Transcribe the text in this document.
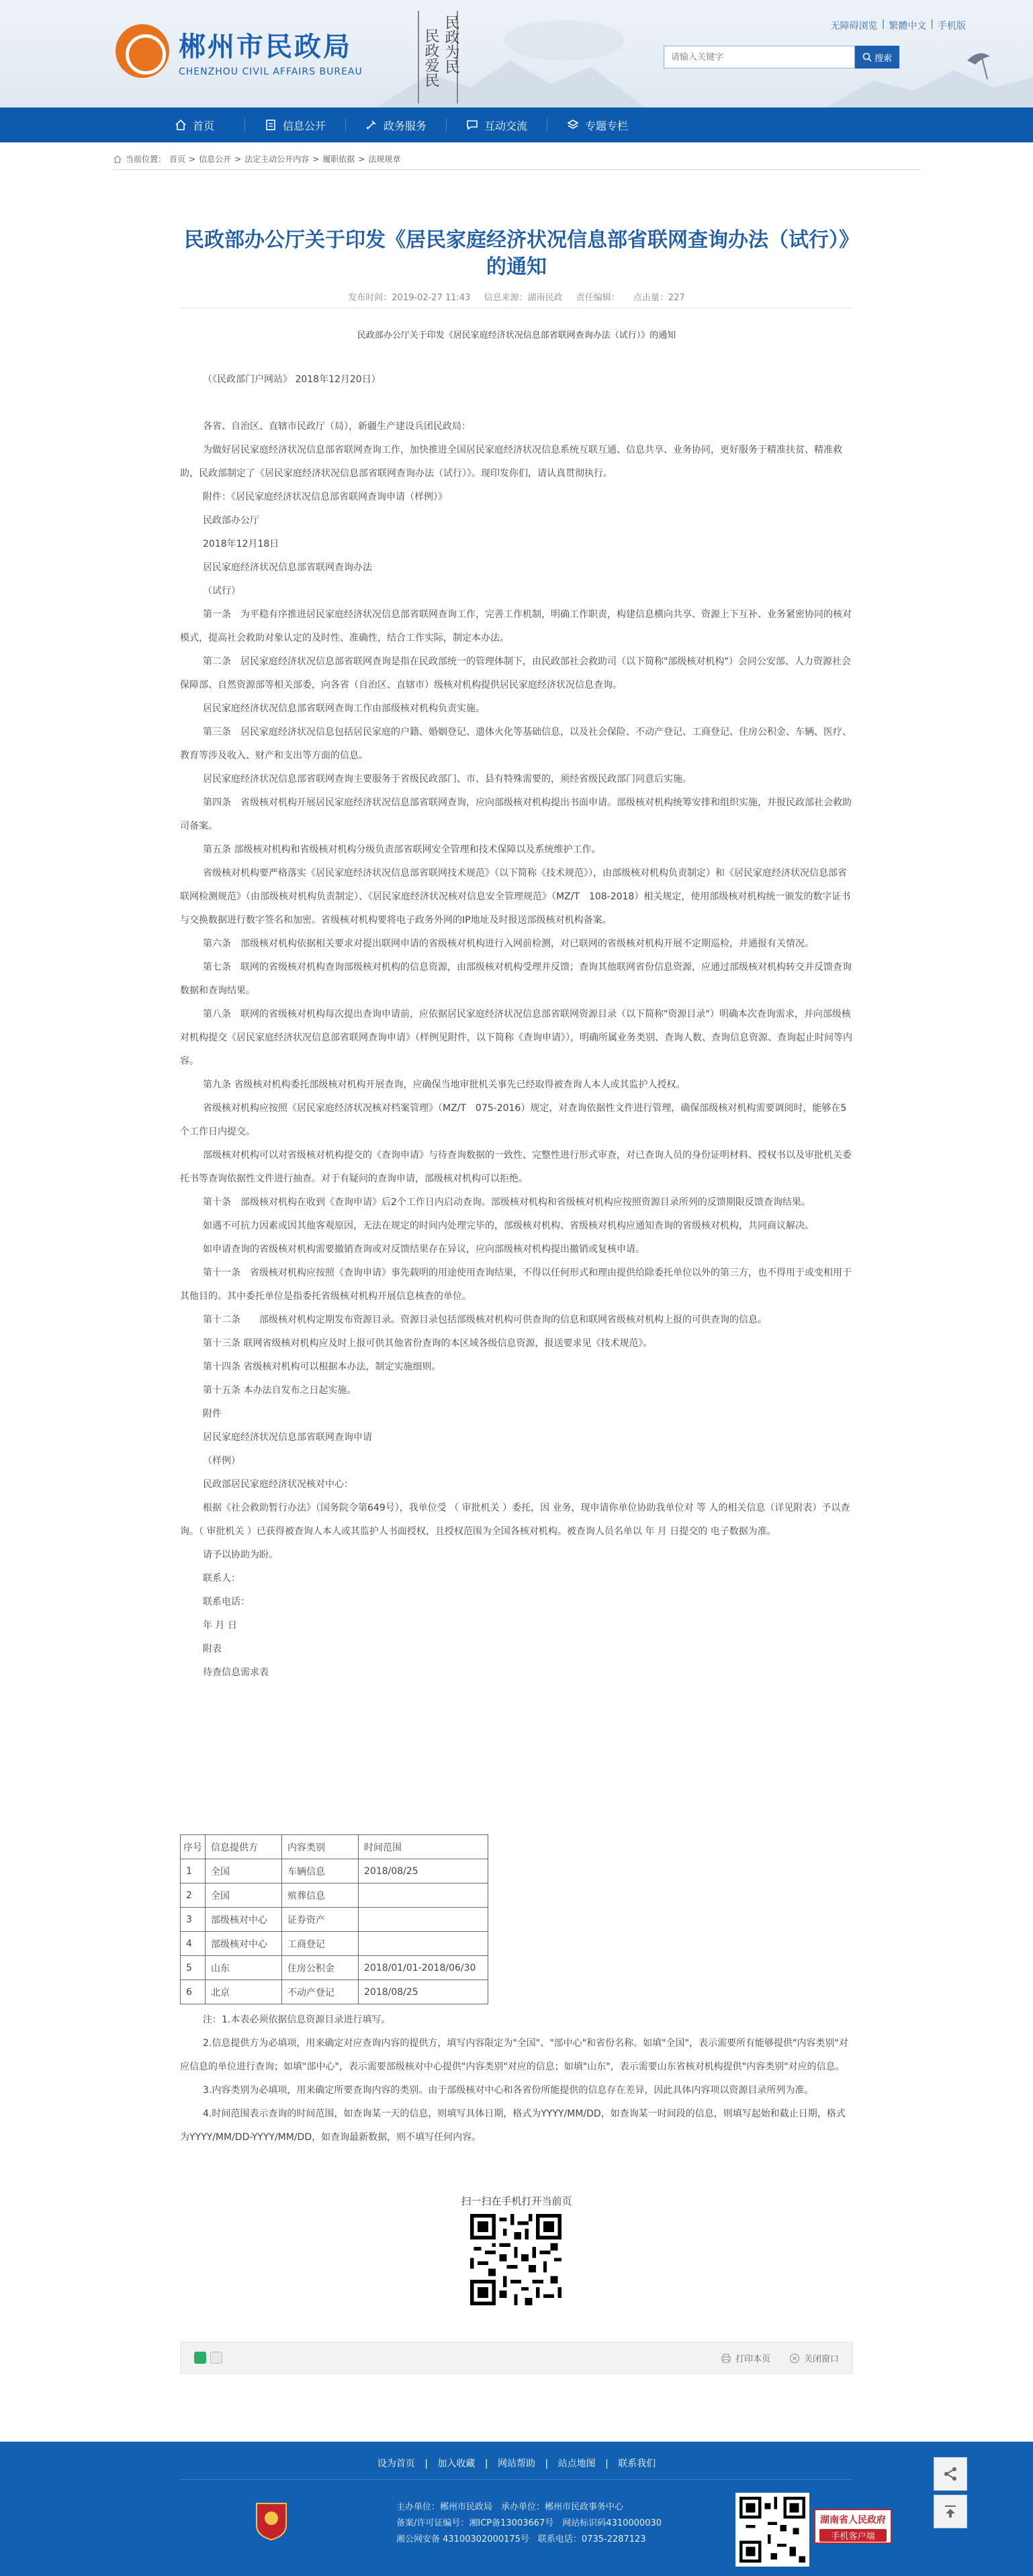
郴州市民政局
CHENZHOU CIVIL AFFAIRS BUREAU	民政爱民 民政为民	无障碍浏览 | 繁體中文 | 手机版
请输入关键字
搜索
首页	信息公开	政务服务	互动交流	专题专栏
当前位置： 首页 > 信息公开 > 法定主动公开内容 > 履职依据 > 法规规章
民政部办公厅关于印发《居民家庭经济状况信息部省联网查询办法（试行）》的通知
发布时间：2019-02-27 11:43 信息来源：湖南民政 责任编辑： 点击量：227
民政部办公厅关于印发《居民家庭经济状况信息部省联网查询办法（试行）》的通知
（《民政部门户网站》 2018年12月20日）
各省、自治区、直辖市民政厅（局），新疆生产建设兵团民政局：
为做好居民家庭经济状况信息部省联网查询工作，加快推进全国居民家庭经济状况信息系统互联互通、信息共享、业务协同，更好服务于精准扶贫、精准救助，民政部制定了《居民家庭经济状况信息部省联网查询办法（试行）》。现印发你们，请认真贯彻执行。
附件：《居民家庭经济状况信息部省联网查询申请（样例）》
民政部办公厅
2018年12月18日
居民家庭经济状况信息部省联网查询办法
（试行）
第一条　为平稳有序推进居民家庭经济状况信息部省联网查询工作，完善工作机制，明确工作职责，构建信息横向共享、资源上下互补、业务紧密协同的核对模式，提高社会救助对象认定的及时性、准确性，结合工作实际，制定本办法。
第二条　居民家庭经济状况信息部省联网查询是指在民政部统一的管理体制下，由民政部社会救助司（以下简称"部级核对机构"）会同公安部、人力资源社会保障部、自然资源部等相关部委，向各省（自治区、直辖市）级核对机构提供居民家庭经济状况信息查询。
居民家庭经济状况信息部省联网查询工作由部级核对机构负责实施。
第三条　居民家庭经济状况信息包括居民家庭的户籍、婚姻登记、遗体火化等基础信息，以及社会保险、不动产登记、工商登记、住房公积金、车辆、医疗、教育等涉及收入、财产和支出等方面的信息。
居民家庭经济状况信息部省联网查询主要服务于省级民政部门、市、县有特殊需要的，须经省级民政部门同意后实施。
第四条　省级核对机构开展居民家庭经济状况信息部省联网查询，应向部级核对机构提出书面申请。部级核对机构统筹安排和组织实施，并报民政部社会救助司备案。
第五条 部级核对机构和省级核对机构分级负责部省联网安全管理和技术保障以及系统维护工作。
省级核对机构要严格落实《居民家庭经济状况信息部省联网技术规范》（以下简称《技术规范》），由部级核对机构负责制定）和《居民家庭经济状况信息部省联网检测规范》（由部级核对机构负责制定）、《居民家庭经济状况核对信息安全管理规范》（MZ/T　108-2018）相关规定，使用部级核对机构统一颁发的数字证书与交换数据进行数字签名和加密。省级核对机构要将电子政务外网的IP地址及时报送部级核对机构备案。
第六条　部级核对机构依据相关要求对提出联网申请的省级核对机构进行入网前检测，对已联网的省级核对机构开展不定期巡检，并通报有关情况。
第七条　联网的省级核对机构查询部级核对机构的信息资源，由部级核对机构受理并反馈；查询其他联网省份信息资源，应通过部级核对机构转交并反馈查询数据和查询结果。
第八条　联网的省级核对机构每次提出查询申请前，应依据居民家庭经济状况信息部省联网资源目录（以下简称"资源目录"）明确本次查询需求，并向部级核对机构提交《居民家庭经济状况信息部省联网查询申请》（样例见附件，以下简称《查询申请》），明确所属业务类别、查询人数、查询信息资源、查询起止时间等内容。
第九条 省级核对机构委托部级核对机构开展查询，应确保当地审批机关事先已经取得被查询人本人或其监护人授权。
省级核对机构应按照《居民家庭经济状况核对档案管理》（MZ/T　075-2016）规定，对查询依据性文件进行管理，确保部级核对机构需要调阅时，能够在5个工作日内提交。
部级核对机构可以对省级核对机构提交的《查询申请》与待查询数据的一致性、完整性进行形式审查，对已查询人员的身份证明材料、授权书以及审批机关委托书等查询依据性文件进行抽查。对于有疑问的查询申请，部级核对机构可以拒绝。
第十条　部级核对机构在收到《查询申请》后2个工作日内启动查询。部级核对机构和省级核对机构应按照资源目录所列的反馈期限反馈查询结果。
如遇不可抗力因素或因其他客观原因，无法在规定的时间内处理完毕的，部级核对机构、省级核对机构应通知查询的省级核对机构，共同商议解决。
如申请查询的省级核对机构需要撤销查询或对反馈结果存在异议，应向部级核对机构提出撤销或复核申请。
第十一条　省级核对机构应按照《查询申请》事先载明的用途使用查询结果，不得以任何形式和理由提供给除委托单位以外的第三方，也不得用于或变相用于其他目的。其中委托单位是指委托省级核对机构开展信息核查的单位。
第十二条　　部级核对机构定期发布资源目录。资源目录包括部级核对机构可供查询的信息和联网省级核对机构上报的可供查询的信息。
第十三条 联网省级核对机构应及时上报可供其他省份查询的本区域各级信息资源，报送要求见《技术规范》。
第十四条 省级核对机构可以根据本办法，制定实施细则。
第十五条 本办法自发布之日起实施。
附件
居民家庭经济状况信息部省联网查询申请
（样例）
民政部居民家庭经济状况核对中心：
根据《社会救助暂行办法》（国务院令第649号），我单位受 （ 审批机关 ）委托，因 业务，现申请你单位协助我单位对 等 人的相关信息（详见附表）予以查询。（ 审批机关 ）已获得被查询人本人或其监护人书面授权，且授权范围为全国各核对机构。被查询人员名单以 年 月 日提交的 电子数据为准。
请予以协助为盼。
联系人：
联系电话：
年 月 日
附表
待查信息需求表
序号	信息提供方	内容类别	时间范围
1	全国	车辆信息	2018/08/25
2	全国	殡葬信息	
3	部级核对中心	证券资产	
4	部级核对中心	工商登记	
5	山东	住房公积金	2018/01/01-2018/06/30
6	北京	不动产登记	2018/08/25
注：1.本表必须依据信息资源目录进行填写。
2.信息提供方为必填项，用来确定对应查询内容的提供方，填写内容限定为"全国"、"部中心"和省份名称。如填"全国"，表示需要所有能够提供"内容类别"对应信息的单位进行查询；如填"部中心"，表示需要部级核对中心提供"内容类别"对应的信息；如填"山东"，表示需要山东省核对机构提供"内容类别"对应的信息。
3.内容类别为必填项，用来确定所要查询内容的类别。由于部级核对中心和各省份所能提供的信息存在差异，因此具体内容项以资源目录所列为准。
4.时间范围表示查询的时间范围，如查询某一天的信息，则填写具体日期，格式为YYYY/MM/DD，如查询某一时间段的信息，则填写起始和截止日期，格式为YYYY/MM/DD-YYYY/MM/DD，如查询最新数据，则不填写任何内容。
扫一扫在手机打开当前页
打印本页	关闭窗口
设为首页 | 加入收藏 | 网站帮助 | 站点地图 | 联系我们
主办单位：郴州市民政局　承办单位：郴州市民政事务中心
备案/许可证编号：湘ICP备13003667号　网站标识码4310000030
湘公网安备 43100302000175号　联系电话：0735-2287123
湖南省人民政府
手机客户端
